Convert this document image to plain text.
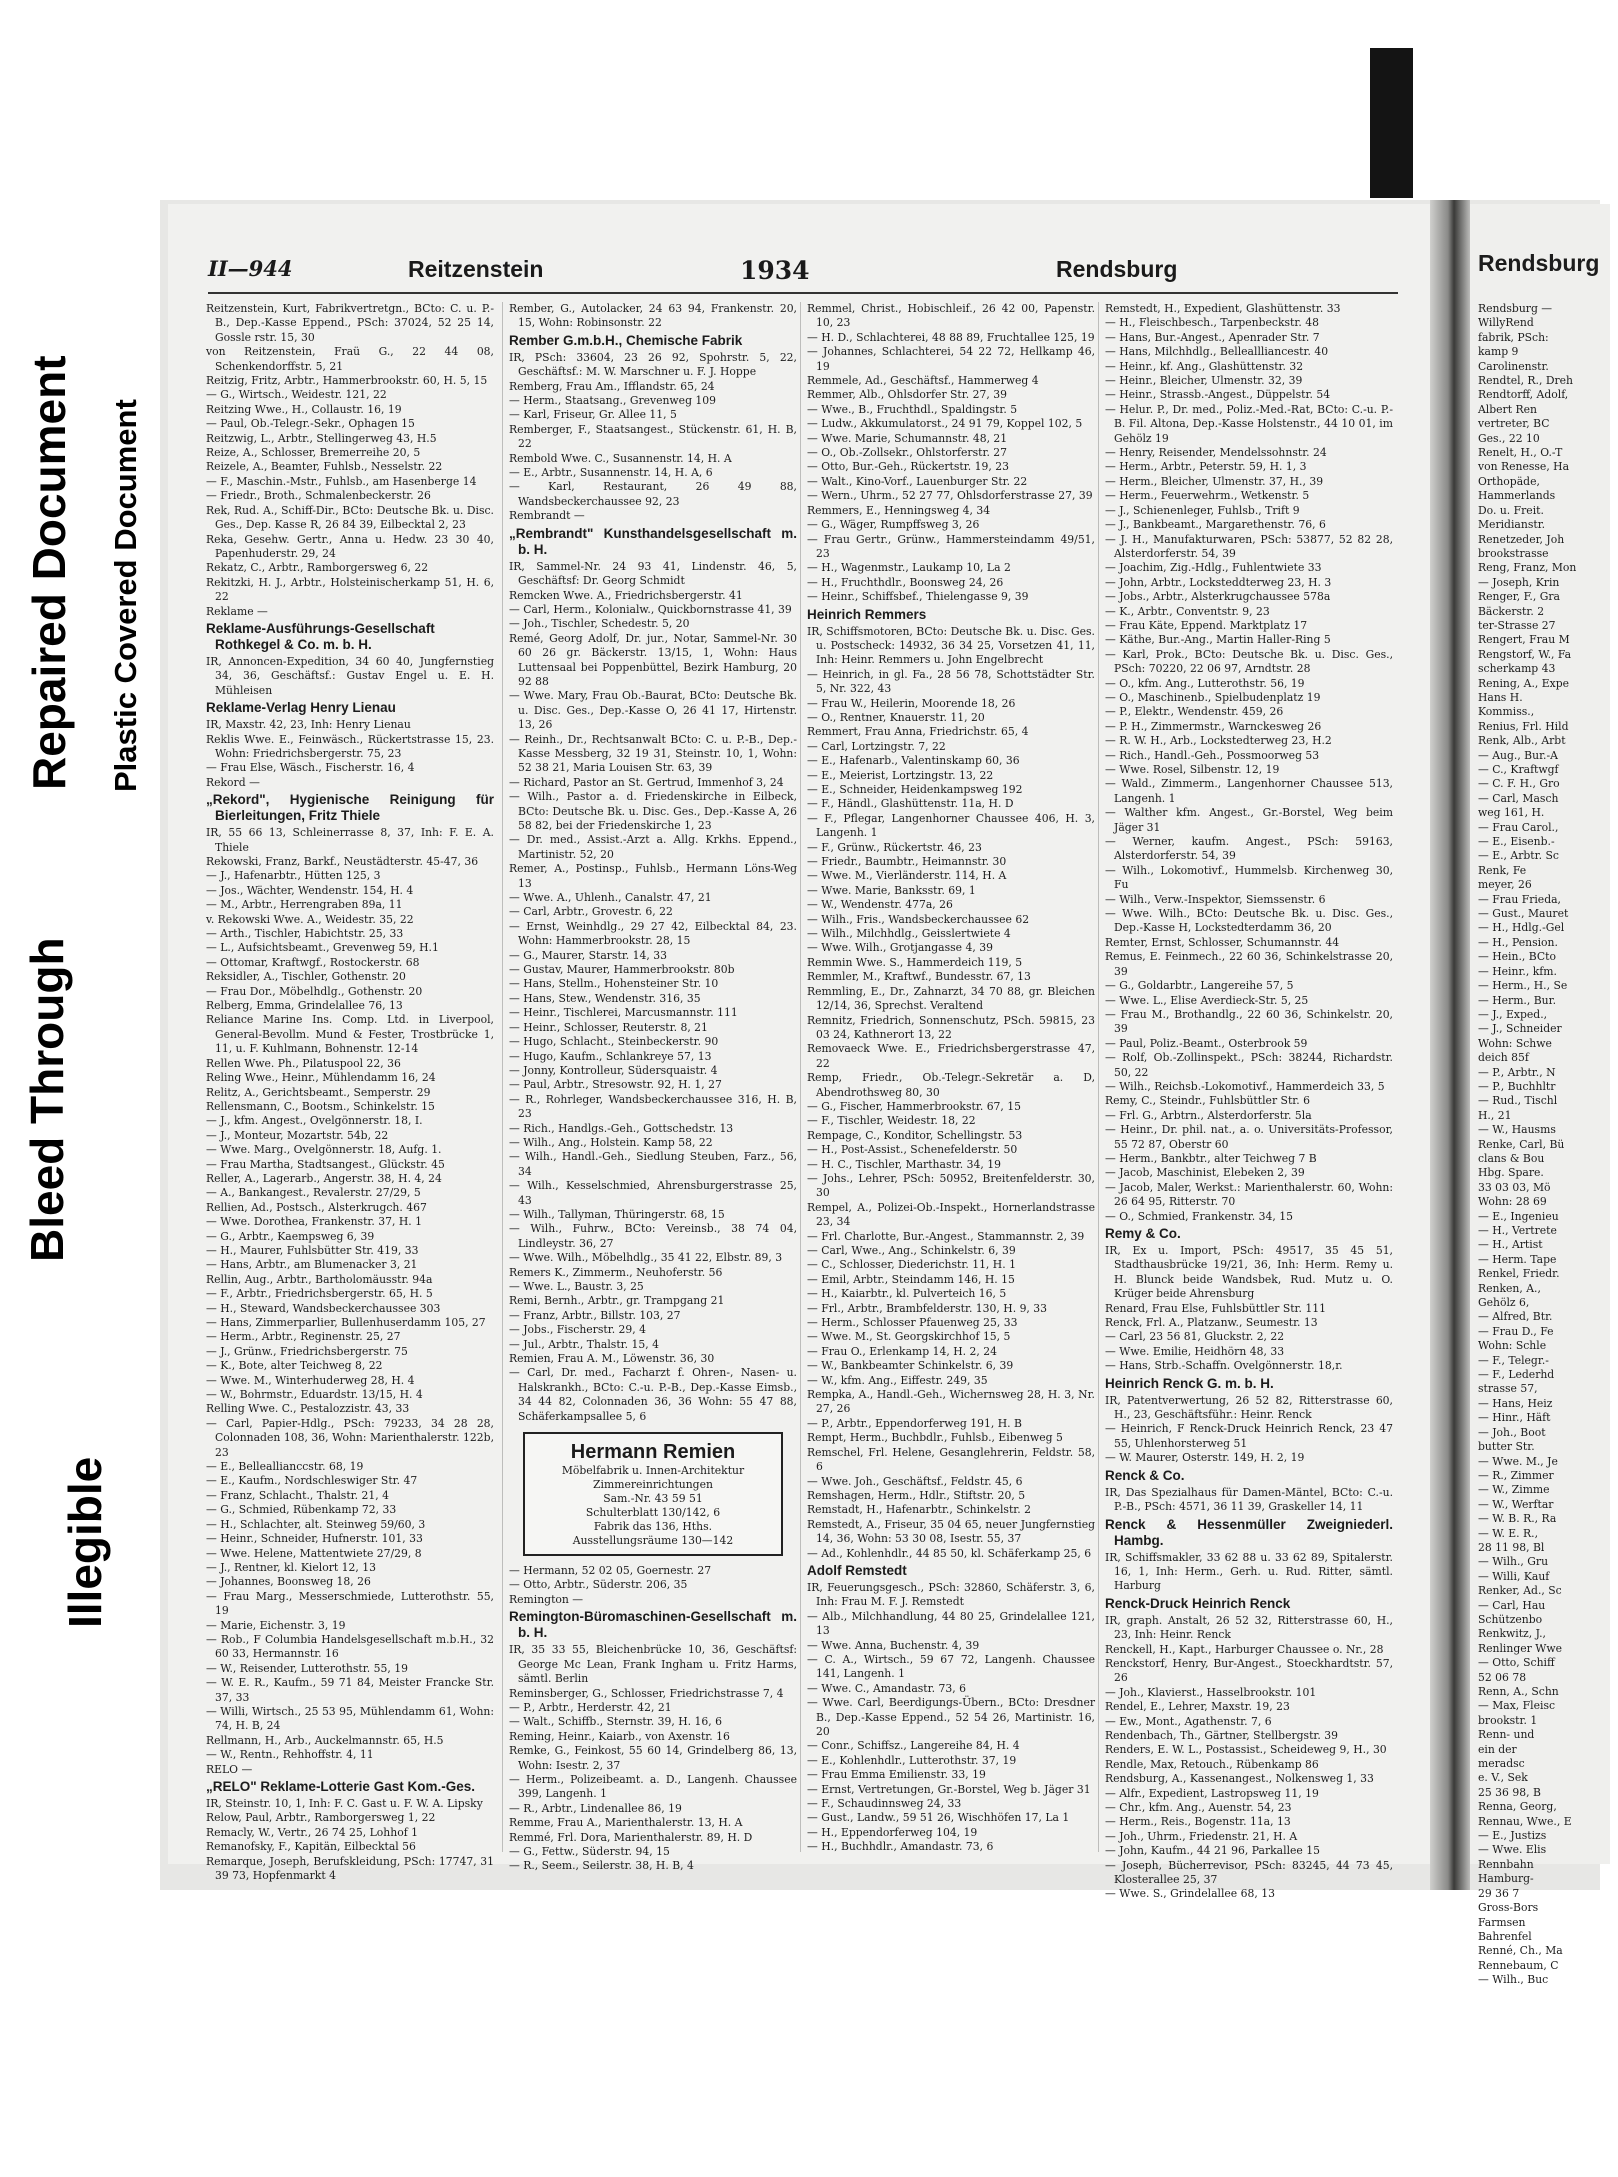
Illegible
Bleed Through
Repaired Document Plastic Covered Document
II—944	Reitzenstein	1934	Rendsburg

Reitzenstein, Kurt, Fabrikvertretgn., BCto: C. u. P.-B., Dep.-Kasse Eppend., PSch: 37024, 52 25 14, Gossle rstr. 15, 30

von Reitzenstein, Fraü G., 22 44 08, Schenkendorffstr. 5, 21

Reitzig, Fritz, Arbtr., Hammerbrookstr. 60, H. 5, 15

— G., Wirtsch., Weidestr. 121, 22

Reitzing Wwe., H., Collaustr. 16, 19

— Paul, Ob.-Telegr.-Sekr., Ophagen 15

Reitzwig, L., Arbtr., Stellingerweg 43, H.5

Reize, A., Schlosser, Bremerreihe 20, 5

Reizele, A., Beamter, Fuhlsb., Nesselstr. 22

— F., Maschin.-Mstr., Fuhlsb., am Hasenberge 14

— Friedr., Broth., Schmalenbeckerstr. 26

Rek, Rud. A., Schiff-Dir., BCto: Deutsche Bk. u. Disc. Ges., Dep. Kasse R, 26 84 39, Eilbecktal 2, 23

Reka, Gesehw. Gertr., Anna u. Hedw. 23 30 40, Papenhuderstr. 29, 24

Rekatz, C., Arbtr., Ramborgersweg 6, 22

Rekitzki, H. J., Arbtr., Holsteinischerkamp 51, H. 6, 22

Reklame —

Reklame-Ausführungs-Gesellschaft Rothkegel & Co. m. b. H.

IR, Annoncen-Expedition, 34 60 40, Jungfernstieg 34, 36, Geschäftsf.: Gustav Engel u. E. H. Mühleisen

Reklame-Verlag Henry Lienau

IR, Maxstr. 42, 23, Inh: Henry Lienau

Reklis Wwe. E., Feinwäsch., Rückertstrasse 15, 23. Wohn: Friedrichsbergerstr. 75, 23

— Frau Else, Wäsch., Fischerstr. 16, 4

Rekord —

„Rekord", Hygienische Reinigung für Bierleitungen, Fritz Thiele

IR, 55 66 13, Schleinerrasse 8, 37, Inh: F. E. A. Thiele

Rekowski, Franz, Barkf., Neustädterstr. 45-47, 36

— J., Hafenarbtr., Hütten 125, 3

— Jos., Wächter, Wendenstr. 154, H. 4

— M., Arbtr., Herrengraben 89a, 11

v. Rekowski Wwe. A., Weidestr. 35, 22

— Arth., Tischler, Habichtstr. 25, 33

— L., Aufsichtsbeamt., Grevenweg 59, H.1

— Ottomar, Kraftwgf., Rostockerstr. 68

Reksidler, A., Tischler, Gothenstr. 20

— Frau Dor., Möbelhdlg., Gothenstr. 20

Relberg, Emma, Grindelallee 76, 13

Reliance Marine Ins. Comp. Ltd. in Liverpool, General-Bevollm. Mund & Fester, Trostbrücke 1, 11, u. F. Kuhlmann, Bohnenstr. 12-14

Rellen Wwe. Ph., Pilatuspool 22, 36

Reling Wwe., Heinr., Mühlendamm 16, 24

Relitz, A., Gerichtsbeamt., Semperstr. 29

Rellensmann, C., Bootsm., Schinkelstr. 15

— J., kfm. Angest., Ovelgönnerstr. 18, I.

— J., Monteur, Mozartstr. 54b, 22

— Wwe. Marg., Ovelgönnerstr. 18, Aufg. 1.

— Frau Martha, Stadtsangest., Glückstr. 45

Reller, A., Lagerarb., Angerstr. 38, H. 4, 24

— A., Bankangest., Revalerstr. 27/29, 5

Rellien, Ad., Postsch., Alsterkrugch. 467

— Wwe. Dorothea, Frankenstr. 37, H. 1

— G., Arbtr., Kaempsweg 6, 39

— H., Maurer, Fuhlsbütter Str. 419, 33

— Hans, Arbtr., am Blumenacker 3, 21

Rellin, Aug., Arbtr., Bartholomäusstr. 94a

— F., Arbtr., Friedrichsbergerstr. 65, H. 5

— H., Steward, Wandsbeckerchaussee 303

— Hans, Zimmerparlier, Bullenhuserdamm 105, 27

— Herm., Arbtr., Reginenstr. 25, 27

— J., Grünw., Friedrichsbergerstr. 75

— K., Bote, alter Teichweg 8, 22

— Wwe. M., Winterhuderweg 28, H. 4

— W., Bohrmstr., Eduardstr. 13/15, H. 4

Relling Wwe. C., Pestalozzistr. 43, 33

— Carl, Papier-Hdlg., PSch: 79233, 34 28 28, Colonnaden 108, 36, Wohn: Marienthalerstr. 122b, 23

— E., Belleallianccstr. 68, 19

— E., Kaufm., Nordschleswiger Str. 47

— Franz, Schlacht., Thalstr. 21, 4

— G., Schmied, Rübenkamp 72, 33

— H., Schlachter, alt. Steinweg 59/60, 3

— Heinr., Schneider, Hufnerstr. 101, 33

— Wwe. Helene, Mattentwiete 27/29, 8

— J., Rentner, kl. Kielort 12, 13

— Johannes, Boonsweg 18, 26

— Frau Marg., Messerschmiede, Lutterothstr. 55, 19

— Marie, Eichenstr. 3, 19

— Rob., F Columbia Handelsgesellschaft m.b.H., 32 60 33, Hermannstr. 16

— W., Reisender, Lutterothstr. 55, 19

— W. E. R., Kaufm., 59 71 84, Meister Francke Str. 37, 33

— Willi, Wirtsch., 25 53 95, Mühlendamm 61, Wohn: 74, H. B, 24

Rellmann, H., Arb., Auckelmannstr. 65, H.5

— W., Rentn., Rehhoffstr. 4, 11

RELO —

„RELO" Reklame-Lotterie Gast Kom.-Ges.

IR, Steinstr. 10, 1, Inh: F. C. Gast u. F. W. A. Lipsky

Relow, Paul, Arbtr., Ramborgersweg 1, 22

Remacly, W., Vertr., 26 74 25, Lohhof 1

Remanofsky, F., Kapitän, Eilbecktal 56

Remarque, Joseph, Berufskleidung, PSch: 17747, 31 39 73, Hopfenmarkt 4

Rember, G., Autolacker, 24 63 94, Frankenstr. 20, 15, Wohn: Robinsonstr. 22

Rember G.m.b.H., Chemische Fabrik

IR, PSch: 33604, 23 26 92, Spohrstr. 5, 22, Geschäftsf.: M. W. Marschner u. F. J. Hoppe

Remberg, Frau Am., Ifflandstr. 65, 24

— Herm., Staatsang., Grevenweg 109

— Karl, Friseur, Gr. Allee 11, 5

Remberger, F., Staatsangest., Stückenstr. 61, H. B, 22

Rembold Wwe. C., Susannenstr. 14, H. A

— E., Arbtr., Susannenstr. 14, H. A, 6

— Karl, Restaurant, 26 49 88, Wandsbeckerchaussee 92, 23

Rembrandt —

„Rembrandt" Kunsthandelsgesellschaft m. b. H.

IR, Sammel-Nr. 24 93 41, Lindenstr. 46, 5, Geschäftsf: Dr. Georg Schmidt

Remcken Wwe. A., Friedrichsbergerstr. 41

— Carl, Herm., Kolonialw., Quickbornstrasse 41, 39

— Joh., Tischler, Schedestr. 5, 20

Remé, Georg Adolf, Dr. jur., Notar, Sammel-Nr. 30 60 26 gr. Bäckerstr. 13/15, 1, Wohn: Haus Luttensaal bei Poppenbüttel, Bezirk Hamburg, 20 92 88

— Wwe. Mary, Frau Ob.-Baurat, BCto: Deutsche Bk. u. Disc. Ges., Dep.-Kasse O, 26 41 17, Hirtenstr. 13, 26

— Reinh., Dr., Rechtsanwalt BCto: C. u. P.-B., Dep.-Kasse Messberg, 32 19 31, Steinstr. 10, 1, Wohn: 52 38 21, Maria Louisen Str. 63, 39

— Richard, Pastor an St. Gertrud, Immenhof 3, 24

— Wilh., Pastor a. d. Friedenskirche in Eilbeck, BCto: Deutsche Bk. u. Disc. Ges., Dep.-Kasse A, 26 58 82, bei der Friedenskirche 1, 23

— Dr. med., Assist.-Arzt a. Allg. Krkhs. Eppend., Martinistr. 52, 20

Remer, A., Postinsp., Fuhlsb., Hermann Löns-Weg 13

— Wwe. A., Uhlenh., Canalstr. 47, 21

— Carl, Arbtr., Grovestr. 6, 22

— Ernst, Weinhdlg., 29 27 42, Eilbecktal 84, 23. Wohn: Hammerbrookstr. 28, 15

— G., Maurer, Starstr. 14, 33

— Gustav, Maurer, Hammerbrookstr. 80b

— Hans, Stellm., Hohensteiner Str. 10

— Hans, Stew., Wendenstr. 316, 35

— Heinr., Tischlerei, Marcusmannstr. 111

— Heinr., Schlosser, Reuterstr. 8, 21

— Hugo, Schlacht., Steinbeckerstr. 90

— Hugo, Kaufm., Schlankreye 57, 13

— Jonny, Kontrolleur, Südersquaistr. 4

— Paul, Arbtr., Stresowstr. 92, H. 1, 27

— R., Rohrleger, Wandsbeckerchaussee 316, H. B, 23

— Rich., Handlgs.-Geh., Gottschedstr. 13

— Wilh., Ang., Holstein. Kamp 58, 22

— Wilh., Handl.-Geh., Siedlung Steuben, Farz., 56, 34

— Wilh., Kesselschmied, Ahrensburgerstrasse 25, 43

— Wilh., Tallyman, Thüringerstr. 68, 15

— Wilh., Fuhrw., BCto: Vereinsb., 38 74 04, Lindleystr. 36, 27

— Wwe. Wilh., Möbelhdlg., 35 41 22, Elbstr. 89, 3

Remers K., Zimmerm., Neuhoferstr. 56

— Wwe. L., Baustr. 3, 25

Remi, Bernh., Arbtr., gr. Trampgang 21

— Franz, Arbtr., Billstr. 103, 27

— Jobs., Fischerstr. 29, 4

— Jul., Arbtr., Thalstr. 15, 4

Remien, Frau A. M., Löwenstr. 36, 30

— Carl, Dr. med., Facharzt f. Ohren-, Nasen- u. Halskrankh., BCto: C.-u. P.-B., Dep.-Kasse Eimsb., 34 44 82, Colonnaden 36, 36 Wohn: 55 47 88, Schäferkampsallee 5, 6

Hermann Remien
Möbelfabrik u. Innen-Architektur
Zimmereinrichtungen
Sam.-Nr. 43 59 51
Schulterblatt 130/142, 6
Fabrik das 136, Hths.
Ausstellungsräume 130—142

— Hermann, 52 02 05, Goernestr. 27

— Otto, Arbtr., Süderstr. 206, 35

Remington —

Remington-Büromaschinen-Gesellschaft m. b. H.

IR, 35 33 55, Bleichenbrücke 10, 36, Geschäftsf: George Mc Lean, Frank Ingham u. Fritz Harms, sämtl. Berlin

Reminsberger, G., Schlosser, Friedrichstrasse 7, 4

— P., Arbtr., Herderstr. 42, 21

— Walt., Schiffb., Sternstr. 39, H. 16, 6

Reming, Heinr., Kaiarb., von Axenstr. 16

Remke, G., Feinkost, 55 60 14, Grindelberg 86, 13, Wohn: Isestr. 2, 37

— Herm., Polizeibeamt. a. D., Langenh. Chaussee 399, Langenh. 1

— R., Arbtr., Lindenallee 86, 19

Remme, Frau A., Marienthalerstr. 13, H. A

Remmé, Frl. Dora, Marienthalerstr. 89, H. D

— G., Fettw., Süderstr. 94, 15

— R., Seem., Seilerstr. 38, H. B, 4

Remmel, Christ., Hobischleif., 26 42 00, Papenstr. 10, 23

— H. D., Schlachterei, 48 88 89, Fruchtallee 125, 19

— Johannes, Schlachterei, 54 22 72, Hellkamp 46, 19

Remmele, Ad., Geschäftsf., Hammerweg 4

Remmer, Alb., Ohlsdorfer Str. 27, 39

— Wwe., B., Fruchthdl., Spaldingstr. 5

— Ludw., Akkumulatorst., 24 91 79, Koppel 102, 5

— Wwe. Marie, Schumannstr. 48, 21

— O., Ob.-Zollsekr., Ohlstorferstr. 27

— Otto, Bur.-Geh., Rückertstr. 19, 23

— Walt., Kino-Vorf., Lauenburger Str. 22

— Wern., Uhrm., 52 27 77, Ohlsdorferstrasse 27, 39

Remmers, E., Henningsweg 4, 34

— G., Wäger, Rumpffsweg 3, 26

— Frau Gertr., Grünw., Hammersteindamm 49/51, 23

— H., Wagenmstr., Laukamp 10, La 2

— H., Fruchthdlr., Boonsweg 24, 26

— Heinr., Schiffsbef., Thielengasse 9, 39

Heinrich Remmers

IR, Schiffsmotoren, BCto: Deutsche Bk. u. Disc. Ges. u. Postscheck: 14932, 36 34 25, Vorsetzen 41, 11, Inh: Heinr. Remmers u. John Engelbrecht

— Heinrich, in gl. Fa., 28 56 78, Schottstädter Str. 5, Nr. 322, 43

— Frau W., Heilerin, Moorende 18, 26

— O., Rentner, Knauerstr. 11, 20

Remmert, Frau Anna, Friedrichstr. 65, 4

— Carl, Lortzingstr. 7, 22

— E., Hafenarb., Valentinskamp 60, 36

— E., Meierist, Lortzingstr. 13, 22

— E., Schneider, Heidenkampsweg 192

— F., Händl., Glashüttenstr. 11a, H. D

— F., Pflegar, Langenhorner Chaussee 406, H. 3, Langenh. 1

— F., Grünw., Rückertstr. 46, 23

— Friedr., Baumbtr., Heimannstr. 30

— Wwe. M., Vierländerstr. 114, H. A

— Wwe. Marie, Banksstr. 69, 1

— W., Wendenstr. 477a, 26

— Wilh., Fris., Wandsbeckerchaussee 62

— Wilh., Milchhdlg., Geisslertwiete 4

— Wwe. Wilh., Grotjangasse 4, 39

Remmin Wwe. S., Hammerdeich 119, 5

Remmler, M., Kraftwf., Bundesstr. 67, 13

Remmling, E., Dr., Zahnarzt, 34 70 88, gr. Bleichen 12/14, 36, Sprechst. Veraltend

Remnitz, Friedrich, Sonnenschutz, PSch. 59815, 23 03 24, Kathnerort 13, 22

Removaeck Wwe. E., Friedrichsbergerstrasse 47, 22

Remp, Friedr., Ob.-Telegr.-Sekretär a. D, Abendrothsweg 80, 30

— G., Fischer, Hammerbrookstr. 67, 15

— F., Tischler, Weidestr. 18, 22

Rempage, C., Konditor, Schellingstr. 53

— H., Post-Assist., Schenefelderstr. 50

— H. C., Tischler, Marthastr. 34, 19

— Johs., Lehrer, PSch: 50952, Breitenfelderstr. 30, 30

Rempel, A., Polizei-Ob.-Inspekt., Hornerlandstrasse 23, 34

— Frl. Charlotte, Bur.-Angest., Stammannstr. 2, 39

— Carl, Wwe., Ang., Schinkelstr. 6, 39

— C., Schlosser, Diederichstr. 11, H. 1

— Emil, Arbtr., Steindamm 146, H. 15

— H., Kaiarbtr., kl. Pulverteich 16, 5

— Frl., Arbtr., Brambfelderstr. 130, H. 9, 33

— Herm., Schlosser Pfauenweg 25, 33

— Wwe. M., St. Georgskirchhof 15, 5

— Frau O., Erlenkamp 14, H. 2, 24

— W., Bankbeamter Schinkelstr. 6, 39

— W., kfm. Ang., Eiffestr. 249, 35

Rempka, A., Handl.-Geh., Wichernsweg 28, H. 3, Nr. 27, 26

— P., Arbtr., Eppendorferweg 191, H. B

Rempt, Herm., Buchbdlr., Fuhlsb., Eibenweg 5

Remschel, Frl. Helene, Gesanglehrerin, Feldstr. 58, 6

— Wwe. Joh., Geschäftsf., Feldstr. 45, 6

Remshagen, Herm., Hdlr., Stiftstr. 20, 5

Remstadt, H., Hafenarbtr., Schinkelstr. 2

Remstedt, A., Friseur, 35 04 65, neuer Jungfernstieg 14, 36, Wohn: 53 30 08, Isestr. 55, 37

— Ad., Kohlenhdlr., 44 85 50, kl. Schäferkamp 25, 6

Adolf Remstedt

IR, Feuerungsgesch., PSch: 32860, Schäferstr. 3, 6, Inh: Frau M. F. J. Remstedt

— Alb., Milchhandlung, 44 80 25, Grindelallee 121, 13

— Wwe. Anna, Buchenstr. 4, 39

— C. A., Wirtsch., 59 67 72, Langenh. Chaussee 141, Langenh. 1

— Wwe. C., Amandastr. 73, 6

— Wwe. Carl, Beerdigungs-Übern., BCto: Dresdner B., Dep.-Kasse Eppend., 52 54 26, Martinistr. 16, 20

— Conr., Schiffsz., Langereihe 84, H. 4

— E., Kohlenhdlr., Lutterothstr. 37, 19

— Frau Emma Emilienstr. 33, 19

— Ernst, Vertretungen, Gr.-Borstel, Weg b. Jäger 31

— F., Schaudinnsweg 24, 33

— Gust., Landw., 59 51 26, Wischhöfen 17, La 1

— H., Eppendorferweg 104, 19

— H., Buchhdlr., Amandastr. 73, 6

Remstedt, H., Expedient, Glashüttenstr. 33

— H., Fleischbesch., Tarpenbeckstr. 48

— Hans, Bur.-Angest., Apenrader Str. 7

— Hans, Milchhdlg., Belleallliancestr. 40

— Heinr., kf. Ang., Glashüttenstr. 32

— Heinr., Bleicher, Ulmenstr. 32, 39

— Heinr., Strassb.-Angest., Düppelstr. 54

— Helur. P., Dr. med., Poliz.-Med.-Rat, BCto: C.-u. P.-B. Fil. Altona, Dep.-Kasse Holstenstr., 44 10 01, im Gehölz 19

— Henry, Reisender, Mendelssohnstr. 24

— Herm., Arbtr., Peterstr. 59, H. 1, 3

— Herm., Bleicher, Ulmenstr. 37, H., 39

— Herm., Feuerwehrm., Wetkenstr. 5

— J., Schienenleger, Fuhlsb., Trift 9

— J., Bankbeamt., Margarethenstr. 76, 6

— J. H., Manufakturwaren, PSch: 53877, 52 82 28, Alsterdorferstr. 54, 39

— Joachim, Zig.-Hdlg., Fuhlentwiete 33

— John, Arbtr., Locksteddterweg 23, H. 3

— Jobs., Arbtr., Alsterkrugchaussee 578a

— K., Arbtr., Conventstr. 9, 23

— Frau Käte, Eppend. Marktplatz 17

— Käthe, Bur.-Ang., Martin Haller-Ring 5

— Karl, Prok., BCto: Deutsche Bk. u. Disc. Ges., PSch: 70220, 22 06 97, Arndtstr. 28

— O., kfm. Ang., Lutterothstr. 56, 19

— O., Maschinenb., Spielbudenplatz 19

— P., Elektr., Wendenstr. 459, 26

— P. H., Zimmermstr., Warnckesweg 26

— R. W. H., Arb., Lockstedterweg 23, H.2

— Rich., Handl.-Geh., Possmoorweg 53

— Wwe. Rosel, Silbenstr. 12, 19

— Wald., Zimmerm., Langenhorner Chaussee 513, Langenh. 1

— Walther kfm. Angest., Gr.-Borstel, Weg beim Jäger 31

— Werner, kaufm. Angest., PSch: 59163, Alsterdorferstr. 54, 39

— Wilh., Lokomotivf., Hummelsb. Kirchenweg 30, Fu

— Wilh., Verw.-Inspektor, Siemssenstr. 6

— Wwe. Wilh., BCto: Deutsche Bk. u. Disc. Ges., Dep.-Kasse H, Lockstedterdamm 36, 20

Remter, Ernst, Schlosser, Schumannstr. 44

Remus, E. Feinmech., 22 60 36, Schinkelstrasse 20, 39

— G., Goldarbtr., Langereihe 57, 5

— Wwe. L., Elise Averdieck-Str. 5, 25

— Frau M., Brothandlg., 22 60 36, Schinkelstr. 20, 39

— Paul, Poliz.-Beamt., Osterbrook 59

— Rolf, Ob.-Zollinspekt., PSch: 38244, Richardstr. 50, 22

— Wilh., Reichsb.-Lokomotivf., Hammerdeich 33, 5

Remy, C., Steindr., Fuhlsbüttler Str. 6

— Frl. G., Arbtrn., Alsterdorferstr. 5la

— Heinr., Dr. phil. nat., a. o. Universitäts-Professor, 55 72 87, Oberstr 60

— Herm., Bankbtr., alter Teichweg 7 B

— Jacob, Maschinist, Elebeken 2, 39

— Jacob, Maler, Werkst.: Marienthalerstr. 60, Wohn: 26 64 95, Ritterstr. 70

— O., Schmied, Frankenstr. 34, 15

Remy & Co.

IR, Ex u. Import, PSch: 49517, 35 45 51, Stadthausbrücke 19/21, 36, Inh: Herm. Remy u. H. Blunck beide Wandsbek, Rud. Mutz u. O. Krüger beide Ahrensburg

Renard, Frau Else, Fuhlsbüttler Str. 111

Renck, Frl. A., Platzanw., Seumestr. 13

— Carl, 23 56 81, Gluckstr. 2, 22

— Wwe. Emilie, Heidhörn 48, 33

— Hans, Strb.-Schaffn. Ovelgönnerstr. 18,r.

Heinrich Renck G. m. b. H.

IR, Patentverwertung, 26 52 82, Ritterstrasse 60, H., 23, Geschäftsführ.: Heinr. Renck

— Heinrich, F Renck-Druck Heinrich Renck, 23 47 55, Uhlenhorsterweg 51

— W. Maurer, Osterstr. 149, H. 2, 19

Renck & Co.

IR, Das Spezialhaus für Damen-Mäntel, BCto: C.-u. P.-B., PSch: 4571, 36 11 39, Graskeller 14, 11

Renck & Hessenmüller Zweigniederl. Hambg.

IR, Schiffsmakler, 33 62 88 u. 33 62 89, Spitalerstr. 16, 1, Inh: Herm., Gerh. u. Rud. Ritter, sämtl. Harburg

Renck-Druck Heinrich Renck

IR, graph. Anstalt, 26 52 32, Ritterstrasse 60, H., 23, Inh: Heinr. Renck

Renckell, H., Kapt., Harburger Chaussee o. Nr., 28

Renckstorf, Henry, Bur-Angest., Stoeckhardtstr. 57, 26

— Joh., Klavierst., Hasselbrookstr. 101

Rendel, E., Lehrer, Maxstr. 19, 23

— Ew., Mont., Agathenstr. 7, 6

Rendenbach, Th., Gärtner, Stellbergstr. 39

Renders, E. W. L., Postassist., Scheideweg 9, H., 30

Rendle, Max, Retouch., Rübenkamp 86

Rendsburg, A., Kassenangest., Nolkensweg 1, 33

— Alfr., Expedient, Lastropsweg 11, 19

— Chr., kfm. Ang., Auenstr. 54, 23

— Herm., Reis., Bogenstr. 11a, 13

— Joh., Uhrm., Friedenstr. 21, H. A

— John, Kaufm., 44 21 96, Parkallee 15

— Joseph, Bücherrevisor, PSch: 83245, 44 73 45, Klosterallee 25, 37

— Wwe. S., Grindelallee 68, 13

Rendsburg
Rendsburg —
WillyRend
fabrik, PSch:
kamp 9
Carolinenstr.
Rendtel, R., Dreh
Rendtorff, Adolf,
Albert Ren
vertreter, BC
Ges., 22 10
Renelt, H., O.-T
von Renesse, Ha
Orthopäde,
Hammerlands
Do. u. Freit.
Meridianstr.
Renetzeder, Joh
brookstrasse
Reng, Franz, Mon
— Joseph, Krin
Renger, F., Gra
Bäckerstr. 2
ter-Strasse 27
Rengert, Frau M
Rengstorf, W., Fa
scherkamp 43
Rening, A., Expe
Hans H.
Kommiss.,
Renius, Frl. Hild
Renk, Alb., Arbt
— Aug., Bur.-A
— C., Kraftwgf
— C. F. H., Gro
— Carl, Masch
weg 161, H.
— Frau Carol.,
— E., Eisenb.-
— E., Arbtr. Sc
Renk, Fe
meyer, 26
— Frau Frieda,
— Gust., Mauret
— H., Hdlg.-Gel
— H., Pension.
— Hein., BCto
— Heinr., kfm.
— Herm., H., Se
— Herm., Bur.
— J., Exped.,
— J., Schneider
Wohn: Schwe
deich 85f
— P., Arbtr., N
— P., Buchhltr
— Rud., Tischl
H., 21
— W., Hausms
Renke, Carl, Bü
clans & Bou
Hbg. Spare.
33 03 03, Mö
Wohn: 28 69
— E., Ingenieu
— H., Vertrete
— H., Artist
— Herm. Tape
Renkel, Friedr.
Renken, A.,
Gehölz 6,
— Alfred, Btr.
— Frau D., Fe
Wohn: Schle
— F., Telegr.-
— F., Lederhd
strasse 57,
— Hans, Heiz
— Hinr., Häft
— Joh., Boot
butter Str.
— Wwe. M., Je
— R., Zimmer
— W., Zimme
— W., Werftar
— W. B. R., Ra
— W. E. R.,
28 11 98, Bl
— Wilh., Gru
— Willi, Kauf
Renker, Ad., Sc
— Carl, Hau
Schützenbo
Renkwitz, J.,
Renlinger Wwe
— Otto, Schiff
52 06 78
Renn, A., Schn
— Max, Fleisc
brookstr. 1
Renn- und
ein der
meradsc
e. V., Sek
25 36 98, B
Renna, Georg,
Rennau, Wwe., E
— E., Justizs
— Wwe. Elis
Rennbahn
Hamburg-
29 36 7
Gross-Bors
Farmsen
Bahrenfel
Renné, Ch., Ma
Rennebaum, C
— Wilh., Buc
